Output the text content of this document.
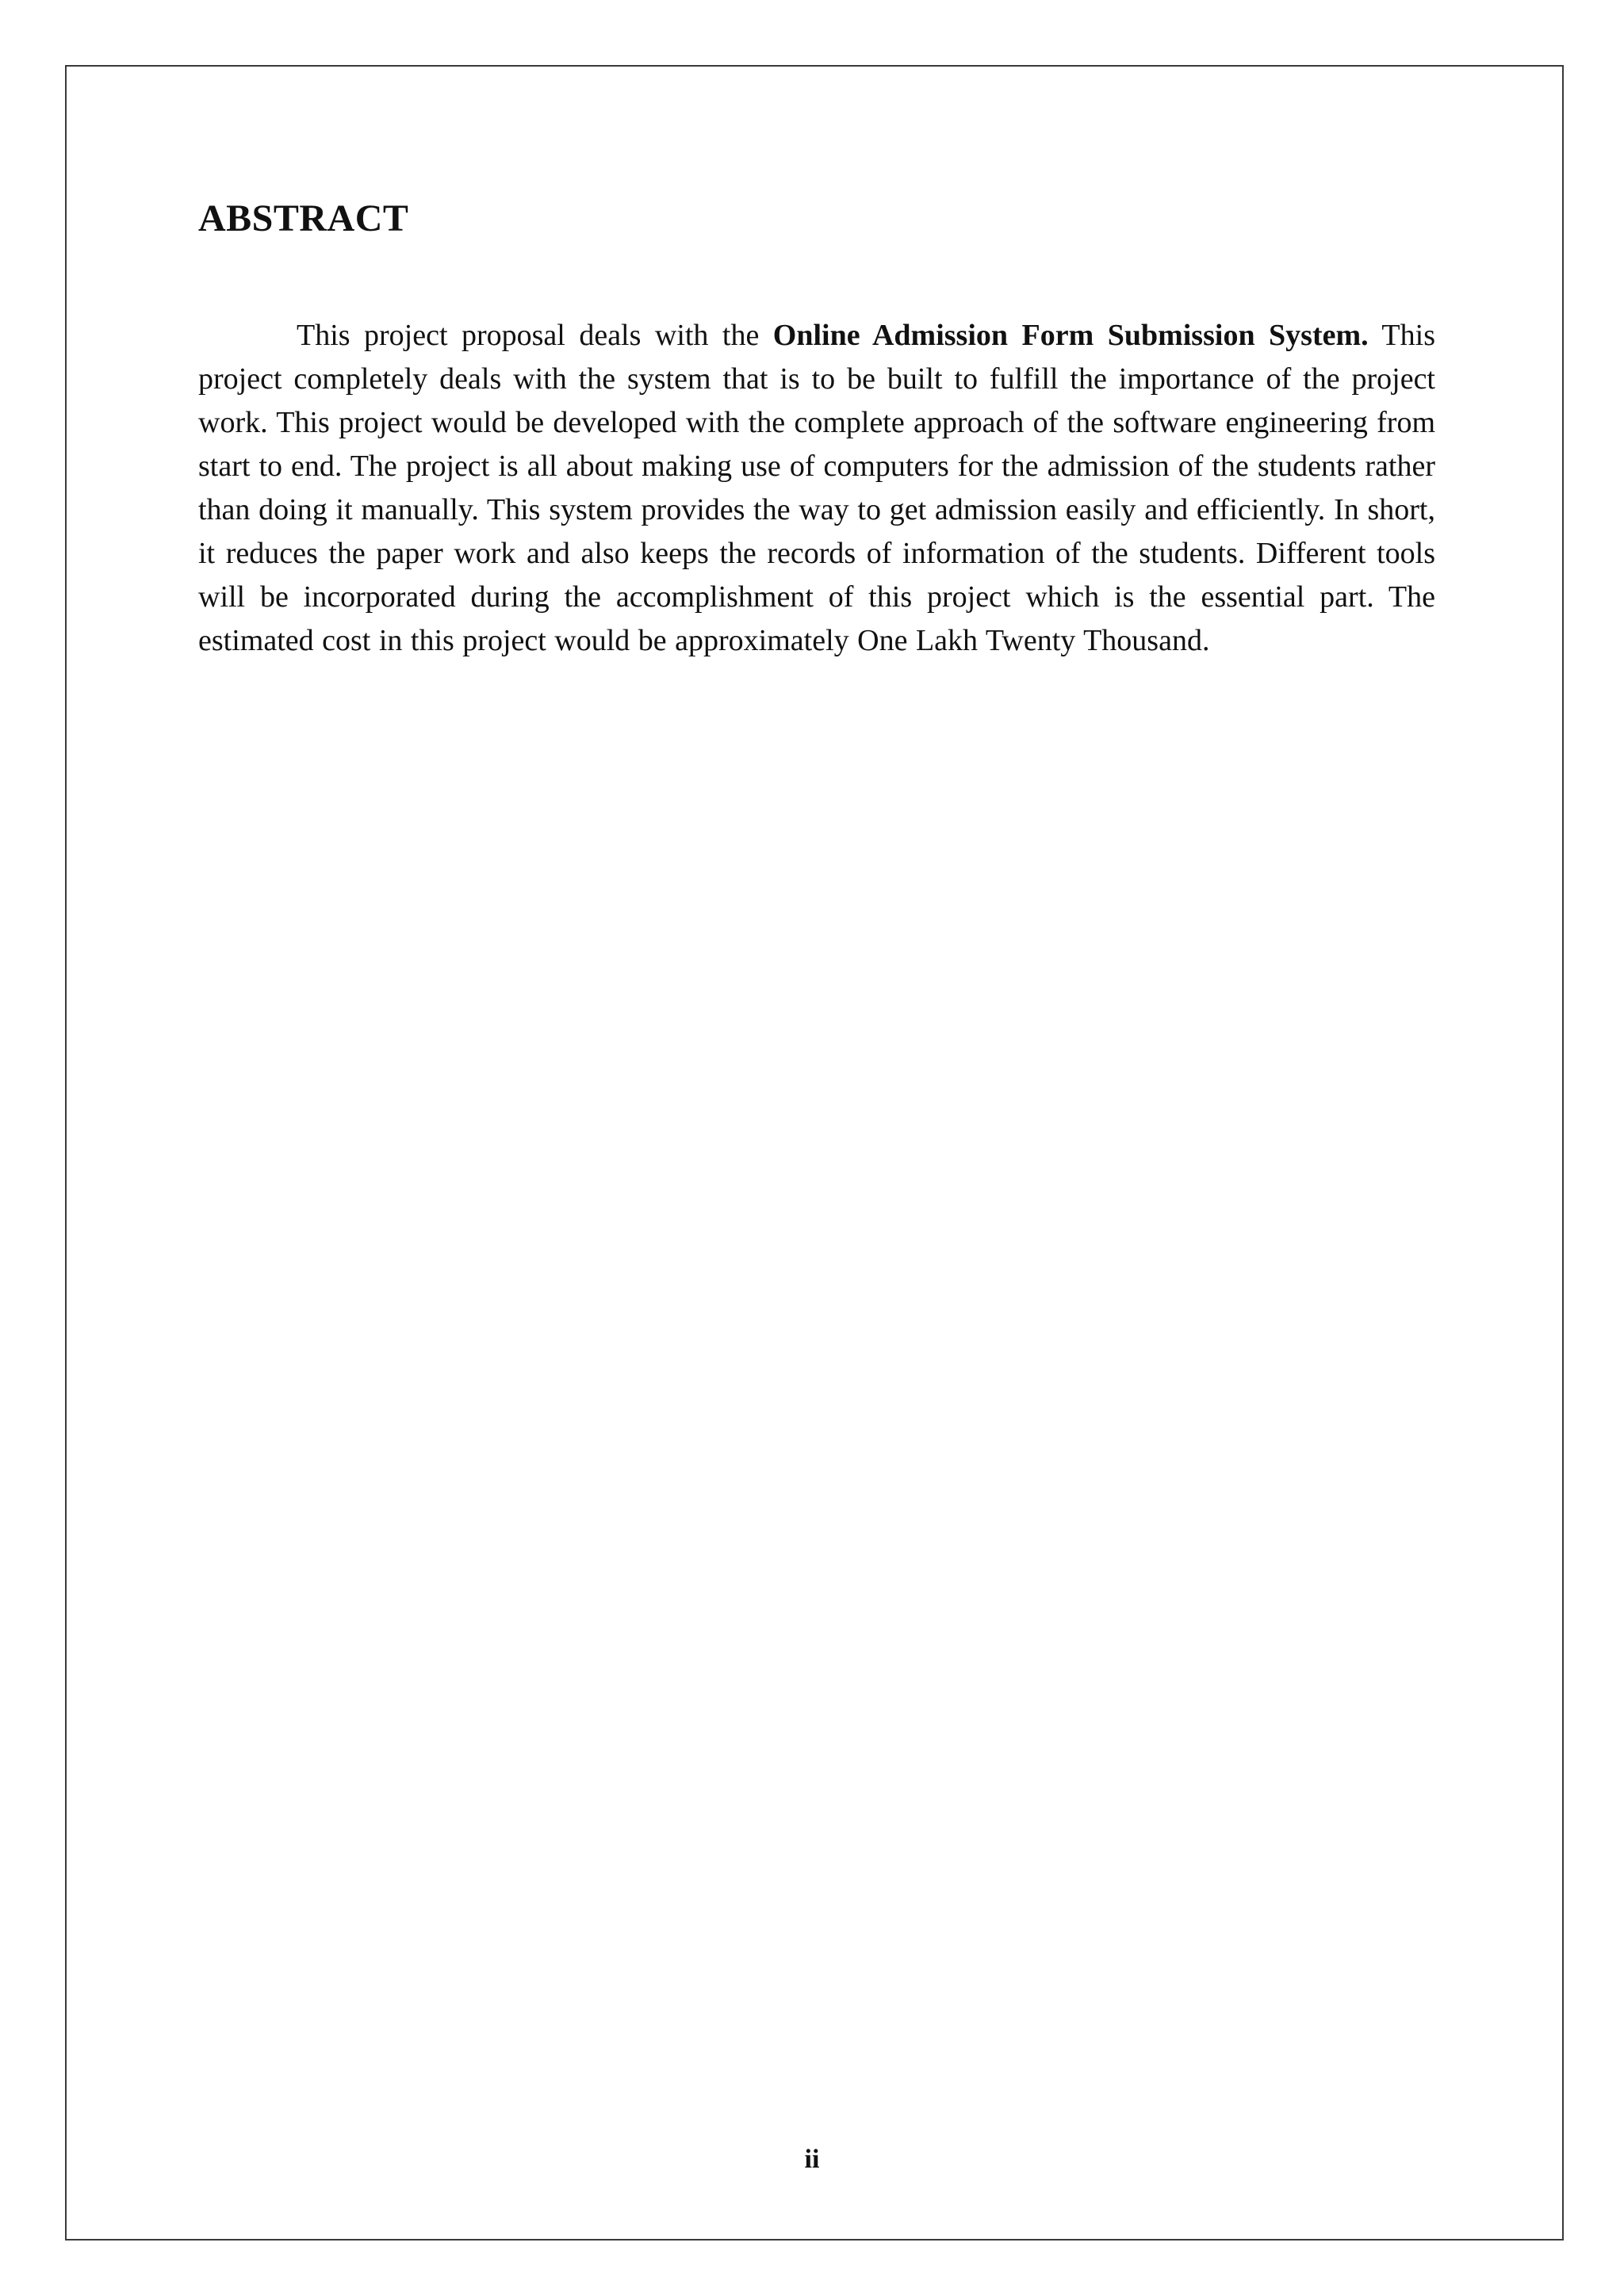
ABSTRACT

This project proposal deals with the Online Admission Form Submission System. This project completely deals with the system that is to be built to fulfill the importance of the project work. This project would be developed with the complete approach of the software engineering from start to end. The project is all about making use of computers for the admission of the students rather than doing it manually. This system provides the way to get admission easily and efficiently. In short, it reduces the paper work and also keeps the records of information of the students. Different tools will be incorporated during the accomplishment of this project which is the essential part. The estimated cost in this project would be approximately One Lakh Twenty Thousand.

ii
